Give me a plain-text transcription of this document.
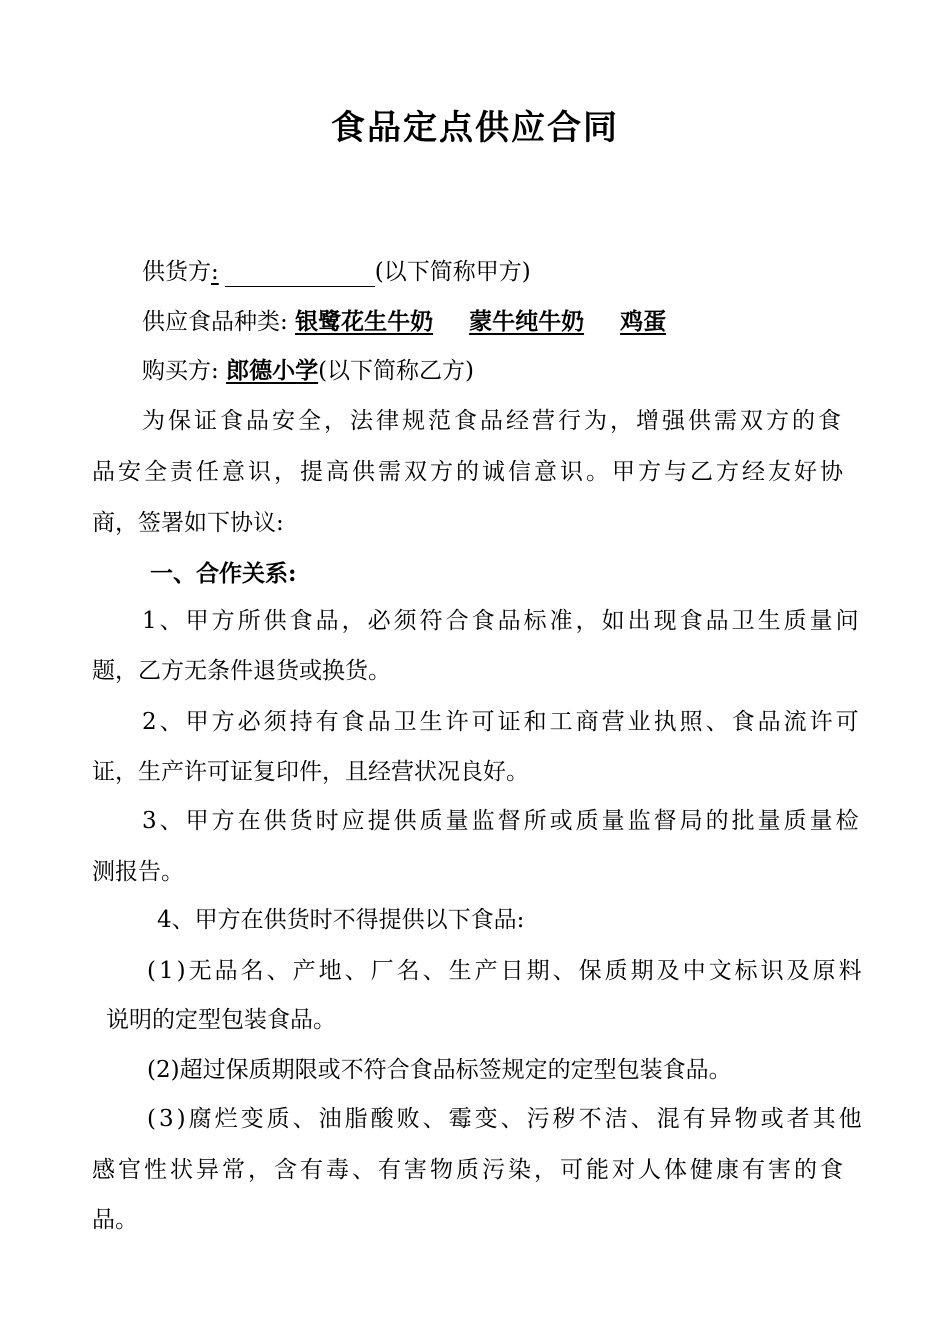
食品定点供应合同
供货方:	(以下简称甲方)
供应食品种类: 银鹭花生牛奶 蒙牛纯牛奶 鸡蛋
购买方: 郎德小学(以下简称乙方)
为保证食品安全，法律规范食品经营行为，增强供需双方的食
品安全责任意识，提高供需双方的诚信意识。甲方与乙方经友好协
商，签署如下协议:
一、合作关系:
1、甲方所供食品，必须符合食品标准，如出现食品卫生质量问
题，乙方无条件退货或换货。
2、甲方必须持有食品卫生许可证和工商营业执照、食品流许可
证，生产许可证复印件，且经营状况良好。
3、甲方在供货时应提供质量监督所或质量监督局的批量质量检
测报告。
4、甲方在供货时不得提供以下食品:
(1)无品名、产地、厂名、生产日期、保质期及中文标识及原料
说明的定型包装食品。
(2)超过保质期限或不符合食品标签规定的定型包装食品。
(3)腐烂变质、油脂酸败、霉变、污秽不洁、混有异物或者其他
感官性状异常，含有毒、有害物质污染，可能对人体健康有害的食
品。
